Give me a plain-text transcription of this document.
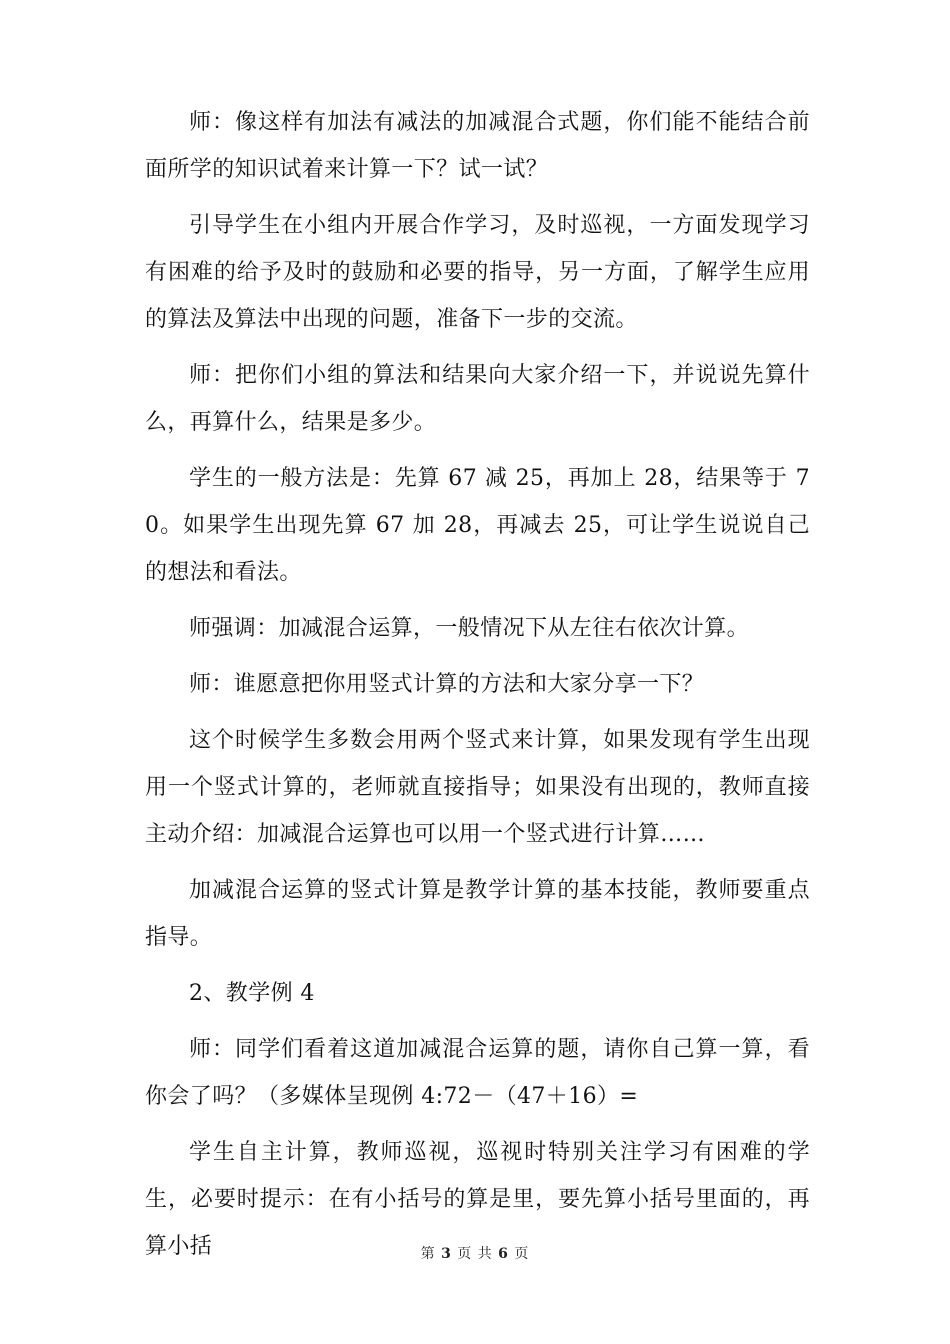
师：像这样有加法有减法的加减混合式题，你们能不能结合前面所学的知识试着来计算一下？试一试？

引导学生在小组内开展合作学习，及时巡视，一方面发现学习有困难的给予及时的鼓励和必要的指导，另一方面，了解学生应用的算法及算法中出现的问题，准备下一步的交流。

师：把你们小组的算法和结果向大家介绍一下，并说说先算什么，再算什么，结果是多少。

学生的一般方法是：先算 67 减 25，再加上 28，结果等于 70。如果学生出现先算 67 加 28，再减去 25，可让学生说说自己的想法和看法。

师强调：加减混合运算，一般情况下从左往右依次计算。

师：谁愿意把你用竖式计算的方法和大家分享一下？

这个时候学生多数会用两个竖式来计算，如果发现有学生出现用一个竖式计算的，老师就直接指导；如果没有出现的，教师直接主动介绍：加减混合运算也可以用一个竖式进行计算……

加减混合运算的竖式计算是教学计算的基本技能，教师要重点指导。

2、教学例 4

师：同学们看着这道加减混合运算的题，请你自己算一算，看你会了吗？（多媒体呈现例 4:72－（47＋16）=

学生自主计算，教师巡视，巡视时特别关注学习有困难的学生，必要时提示：在有小括号的算是里，要先算小括号里面的，再算小括	第 3 页 共 6 页
